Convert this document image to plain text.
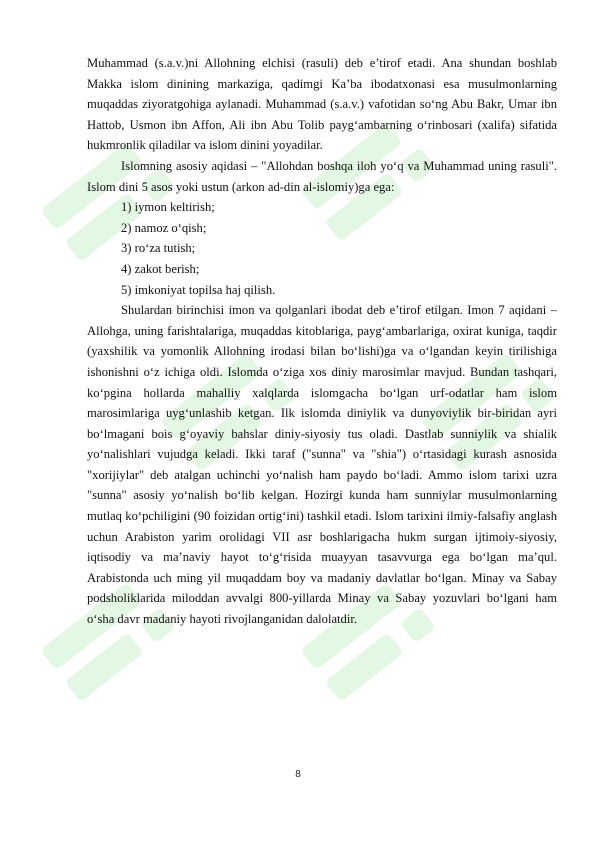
Muhammad (s.a.v.)ni Allohning elchisi (rasuli) deb e’tirof etadi. Ana shundan boshlab Makka islom dinining markaziga, qadimgi Ka’ba ibodatxonasi esa musulmonlarning muqaddas ziyoratgohiga aylanadi. Muhammad (s.a.v.) vafotidan so‘ng Abu Bakr, Umar ibn Hattob, Usmon ibn Affon, Ali ibn Abu Tolib payg‘ambarning o‘rinbosari (xalifa) sifatida hukmronlik qiladilar va islom dinini yoyadilar.

Islomning asosiy aqidasi – "Allohdan boshqa iloh yo‘q va Muhammad uning rasuli". Islom dini 5 asos yoki ustun (arkon ad-din al-islomiy)ga ega:

1) iymon keltirish;

2) namoz o‘qish;

3) ro‘za tutish;

4) zakot berish;

5) imkoniyat topilsa haj qilish.

Shulardan birinchisi imon va qolganlari ibodat deb e’tirof etilgan. Imon 7 aqidani – Allohga, uning farishtalariga, muqaddas kitoblariga, payg‘ambarlariga, oxirat kuniga, taqdir (yaxshilik va yomonlik Allohning irodasi bilan bo‘lishi)ga va o‘lgandan keyin tirilishiga ishonishni o‘z ichiga oldi. Islomda o‘ziga xos diniy marosimlar mavjud. Bundan tashqari, ko‘pgina hollarda mahalliy xalqlarda islomgacha bo‘lgan urf-odatlar ham islom marosimlariga uyg‘unlashib ketgan. Ilk islomda diniylik va dunyoviylik bir-biridan ayri bo‘lmagani bois g‘oyaviy bahslar diniy-siyosiy tus oladi. Dastlab sunniylik va shialik yo‘nalishlari vujudga keladi. Ikki taraf ("sunna" va "shia") o‘rtasidagi kurash asnosida "xorijiylar" deb atalgan uchinchi yo‘nalish ham paydo bo‘ladi. Ammo islom tarixi uzra "sunna" asosiy yo‘nalish bo‘lib kelgan. Hozirgi kunda ham sunniylar musulmonlarning mutlaq ko‘pchiligini (90 foizidan ortig‘ini) tashkil etadi. Islom tarixini ilmiy-falsafiy anglash uchun Arabiston yarim orolidagi VII asr boshlarigacha hukm surgan ijtimoiy-siyosiy, iqtisodiy va ma’naviy hayot to‘g‘risida muayyan tasavvurga ega bo‘lgan ma’qul. Arabistonda uch ming yil muqaddam boy va madaniy davlatlar bo‘lgan. Minay va Sabay podsholiklarida miloddan avvalgi 800-yillarda Minay va Sabay yozuvlari bo‘lgani ham o‘sha davr madaniy hayoti rivojlanganidan dalolatdir.

8
